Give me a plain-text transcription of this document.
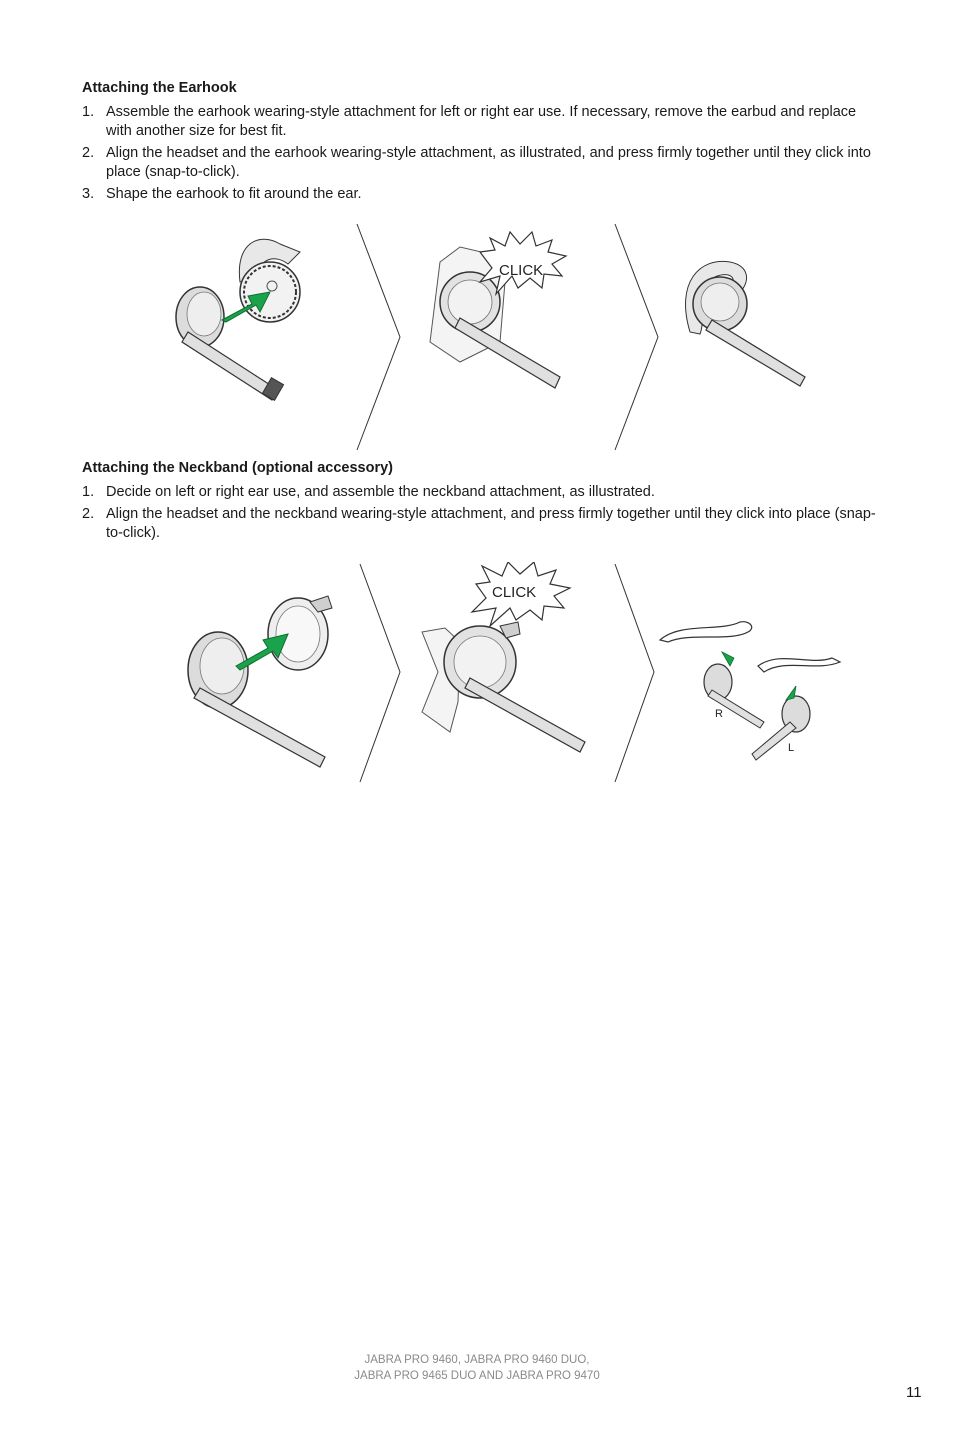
Attaching the Earhook
1. Assemble the earhook wearing-style attachment for left or right ear use. If necessary, remove the earbud and replace with another size for best fit.
2. Align the headset and the earhook wearing-style attachment, as illustrated, and press firmly together until they click into place (snap-to-click).
3. Shape the earhook to fit around the ear.
CLICK
Attaching the Neckband (optional accessory)
1. Decide on left or right ear use, and assemble the neckband attachment, as illustrated.
2. Align the headset and the neckband wearing-style attachment, and press firmly together until they click into place (snap-to-click).
CLICK
R
L
JABRA PRO 9460, JABRA PRO 9460 DUO,
JABRA PRO 9465 DUO AND JABRA PRO 9470
11
